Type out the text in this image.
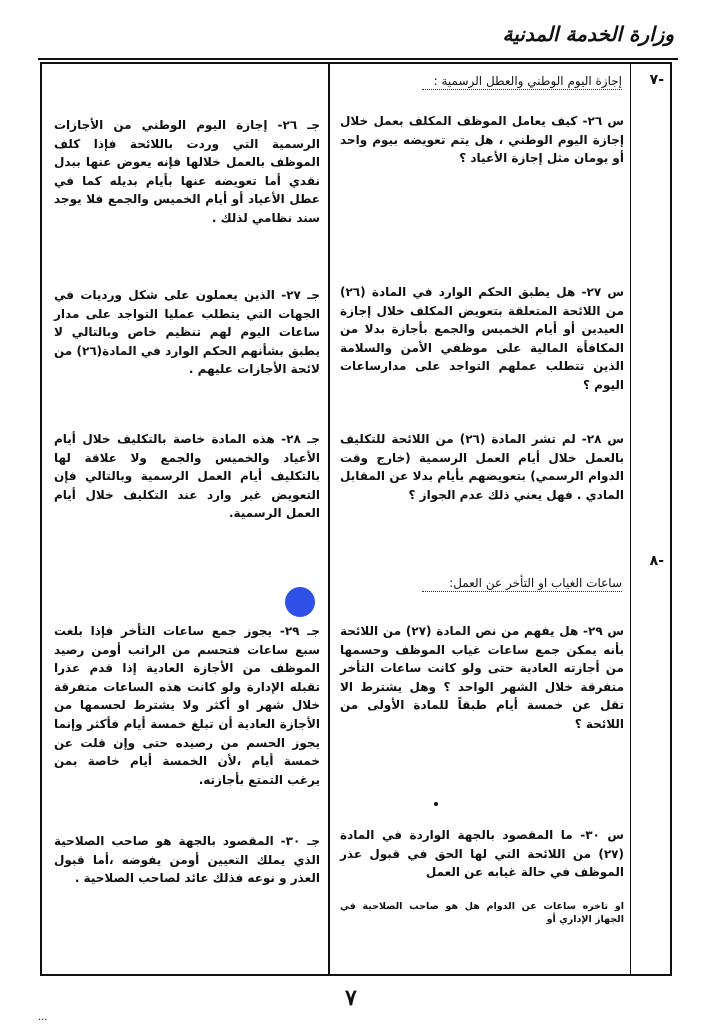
وزارة الخدمة المدنية
-٧
إجازة اليوم الوطني والعطل الرسمية :
س ٢٦- كيف يعامل الموظف المكلف بعمل خلال إجازة اليوم الوطني ، هل يتم تعويضه بيوم واحد أو يومان مثل إجازة الأعياد ؟
جـ ٢٦- إجازة اليوم الوطني من الأجازات الرسمية التي وردت باللائحة فإذا كلف الموظف بالعمل خلالها فإنه يعوض عنها ببدل نقدي أما تعويضه عنها بأيام بديله كما في عطل الأعياد أو أيام الخميس والجمع فلا يوجد سند نظامي لذلك .
س ٢٧- هل يطبق الحكم الوارد في المادة (٢٦) من اللائحة المتعلقة بتعويض المكلف خلال إجازة العيدين أو أيام الخميس والجمع بأجازة بدلا من المكافأة المالية على موظفي الأمن والسلامة الذين تتطلب عملهم التواجد على مدارساعات اليوم ؟
جـ ٢٧- الذين يعملون على شكل ورديات في الجهات التي يتطلب عمليا التواجد على مدار ساعات اليوم لهم تنظيم خاص وبالتالي لا يطبق بشأنهم الحكم الوارد في المادة(٢٦) من لائحة الأجازات عليهم .
س ٢٨- لم تشر المادة (٢٦) من اللائحة للتكليف بالعمل خلال أيام العمل الرسمية (خارج وقت الدوام الرسمي) بتعويضهم بأيام بدلا عن المقابل المادي . فهل يعني ذلك عدم الجواز ؟
جـ ٢٨- هذه المادة خاصة بالتكليف خلال أيام الأعياد والخميس والجمع ولا علاقة لها بالتكليف أيام العمل الرسمية وبالتالي فإن التعويض غير وارد عند التكليف خلال أيام العمل الرسمية.
-٨
ساعات الغياب او التأخر عن العمل:
س ٢٩- هل يفهم من نص المادة (٢٧) من اللائحة بأنه يمكن جمع ساعات غياب الموظف وحسمها من أجازته العادية حتى ولو كانت ساعات التأخر متفرقة خلال الشهر الواحد ؟ وهل يشترط الا تقل عن خمسة أيام طبقاً للمادة الأولى من اللائحة ؟
جـ ٢٩- يجوز جمع ساعات التأخر فإذا بلغت سبع ساعات فتحسم من الراتب أومن رصيد الموظف من الأجازة العادية إذا قدم عذرا تقبله الإدارة ولو كانت هذه الساعات متفرقة خلال شهر او أكثر ولا يشترط لحسمها من الأجازة العادية أن تبلغ خمسة أيام فأكثر وإنما يجوز الحسم من رصيده حتى وإن قلت عن خمسة أيام ،لأن الخمسة أيام خاصة بمن يرغب التمتع بأجازته.
س ٣٠- ما المقصود بالجهة الواردة في المادة (٢٧) من اللائحة التي لها الحق في قبول عذر الموظف في حالة غيابه عن العمل
او تاخره ساعات عن الدوام هل هو صاحب الصلاحية في الجهاز الإداري أو
جـ ٣٠- المقصود بالجهة هو صاحب الصلاحية الذي يملك التعيين أومن يفوضه ،أما قبول العذر و نوعه فذلك عائد لصاحب الصلاحية .
٧
...
